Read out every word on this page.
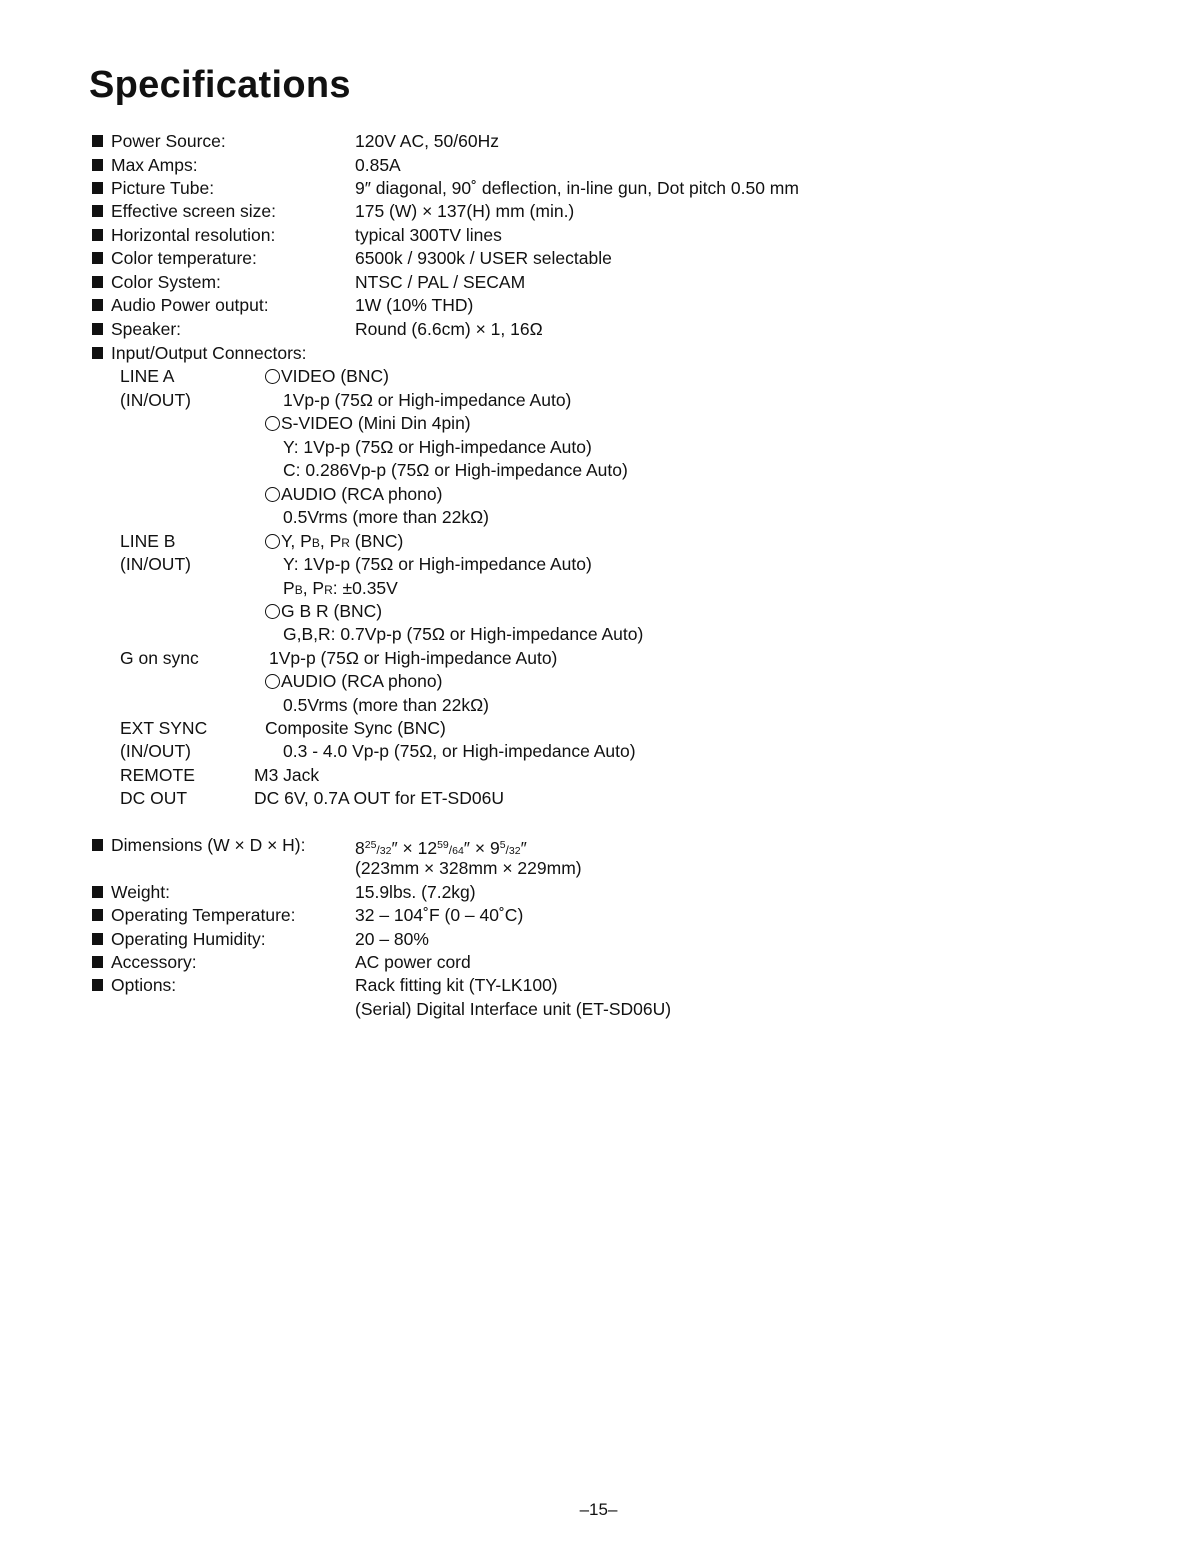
Specifications
Power Source:	120V AC, 50/60Hz
Max Amps:	0.85A
Picture Tube:	9″ diagonal, 90˚ deflection, in-line gun, Dot pitch 0.50 mm
Effective screen size:	175 (W) × 137(H) mm (min.)
Horizontal resolution:	typical 300TV lines
Color temperature:	6500k / 9300k / USER selectable
Color System:	NTSC / PAL / SECAM
Audio Power output:	1W (10% THD)
Speaker:	Round (6.6cm) × 1, 16Ω
Input/Output Connectors:
LINE A	VIDEO (BNC)
(IN/OUT)	1Vp-p (75Ω or High-impedance Auto)
S-VIDEO (Mini Din 4pin)
Y: 1Vp-p (75Ω or High-impedance Auto)
C: 0.286Vp-p (75Ω or High-impedance Auto)
AUDIO (RCA phono)
0.5Vrms (more than 22kΩ)
LINE B	Y, PB, PR (BNC)
(IN/OUT)	Y: 1Vp-p (75Ω or High-impedance Auto)
PB, PR: ±0.35V
G B R (BNC)
G,B,R: 0.7Vp-p (75Ω or High-impedance Auto)
G on sync	1Vp-p (75Ω or High-impedance Auto)
AUDIO (RCA phono)
0.5Vrms (more than 22kΩ)
EXT SYNC	Composite Sync (BNC)
(IN/OUT)	0.3 - 4.0 Vp-p (75Ω, or High-impedance Auto)
REMOTE	M3 Jack
DC OUT	DC 6V, 0.7A OUT for ET-SD06U
Dimensions (W × D × H):	$8^{25}/32'' \times 12^{59}/64'' \times 9^5/32''$
(223mm × 328mm × 229mm)
Weight:	15.9lbs. (7.2kg)
Operating Temperature:	32 – 104˚F (0 – 40˚C)
Operating Humidity:	20 – 80%
Accessory:	AC power cord
Options:	Rack fitting kit (TY-LK100)
(Serial) Digital Interface unit (ET-SD06U)
–15–
